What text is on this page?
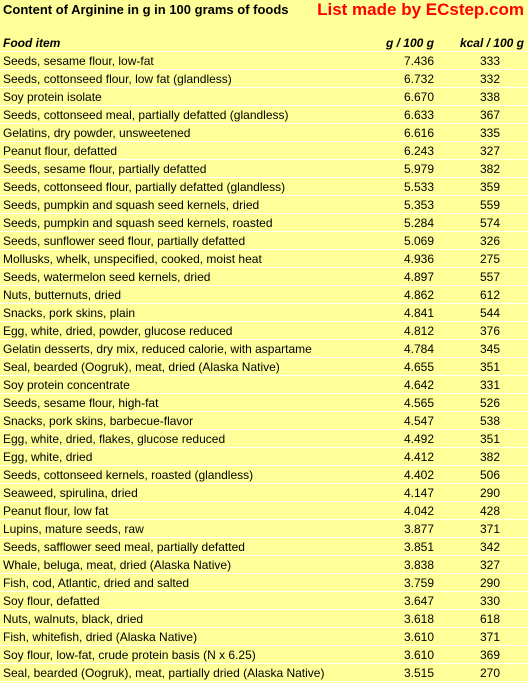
Content of Arginine in g in 100 grams of foods List made by ECstep.com
Food item	g / 100 g	kcal / 100 g
Seeds, sesame flour, low-fat	7.436	333
Seeds, cottonseed flour, low fat (glandless)	6.732	332
Soy protein isolate	6.670	338
Seeds, cottonseed meal, partially defatted (glandless)	6.633	367
Gelatins, dry powder, unsweetened	6.616	335
Peanut flour, defatted	6.243	327
Seeds, sesame flour, partially defatted	5.979	382
Seeds, cottonseed flour, partially defatted (glandless)	5.533	359
Seeds, pumpkin and squash seed kernels, dried	5.353	559
Seeds, pumpkin and squash seed kernels, roasted	5.284	574
Seeds, sunflower seed flour, partially defatted	5.069	326
Mollusks, whelk, unspecified, cooked, moist heat	4.936	275
Seeds, watermelon seed kernels, dried	4.897	557
Nuts, butternuts, dried	4.862	612
Snacks, pork skins, plain	4.841	544
Egg, white, dried, powder, glucose reduced	4.812	376
Gelatin desserts, dry mix, reduced calorie, with aspartame	4.784	345
Seal, bearded (Oogruk), meat, dried (Alaska Native)	4.655	351
Soy protein concentrate	4.642	331
Seeds, sesame flour, high-fat	4.565	526
Snacks, pork skins, barbecue-flavor	4.547	538
Egg, white, dried, flakes, glucose reduced	4.492	351
Egg, white, dried	4.412	382
Seeds, cottonseed kernels, roasted (glandless)	4.402	506
Seaweed, spirulina, dried	4.147	290
Peanut flour, low fat	4.042	428
Lupins, mature seeds, raw	3.877	371
Seeds, safflower seed meal, partially defatted	3.851	342
Whale, beluga, meat, dried (Alaska Native)	3.838	327
Fish, cod, Atlantic, dried and salted	3.759	290
Soy flour, defatted	3.647	330
Nuts, walnuts, black, dried	3.618	618
Fish, whitefish, dried (Alaska Native)	3.610	371
Soy flour, low-fat, crude protein basis (N x 6.25)	3.610	369
Seal, bearded (Oogruk), meat, partially dried (Alaska Native)	3.515	270
